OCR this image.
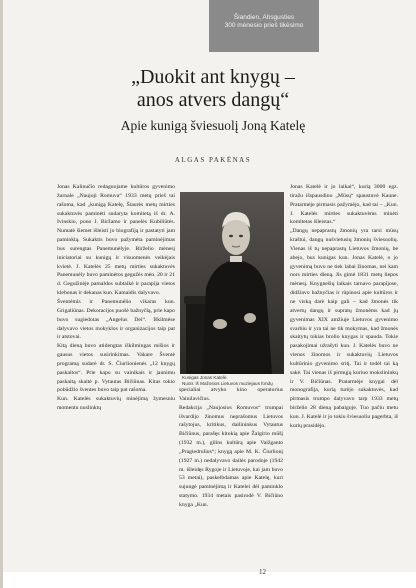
Šiandien, Ahsgusties
300 mėnesio prieš tikėsimo
„Duokit ant knygų –
anos atvers dangų“
Apie kunigą šviesuolį Joną Katelę
ALGAS PAKĖNAS

Jonas Kalinučio redaguojame kultūros gyvenimo žurnale „Naujoji Romuva“ 1933 metų prieš tai rašoma, kad „kunigą Katelę, Šiaurės metų mirties sukaktuvės paminėti sudaryta komitetą iš dr. A. Ivinskio, pono J. Biržamo ir panelės Kubiliūtės. Numatė šiemet išleisti jo biografiją ir pastatyti jam paminklą. Sukaktis buvo pažymėta paminėjimas bus surengtas Panemunėlyje. Birželio mėnesį iniciatoriai su kunigų ir visuomenės veikėjais kvietė. J. Katelės 25 metų mirties sukaktuvės Panemunėly buvo paminėtos gegužės mėn. 20 ir 21 d. Gegužinėje pamaldos subtaikė ir parapija vietos klebonas ir dekanas kun. Kamaidis dalyvavo.

Šventėmis ir Panemunėlio vikaras kun. Grigaliūnas. Dekoracijos puošė bažnyčią, prie kapo buvo sugiedotas „Angelus Dei“. Iškilmėse dalyvavo vietos mokyklos ir organizacijos taip pat ir atstovai.

Kitą dieną buvo atidengtas iškilmingas mišios ir gausus vietos susirinkimas. Vakare Šventė programą sudarė dr. S. Čiurlionienės „12 knygų paskaitos“. Prie kapo su vainikais ir jaunimu paskaitą skaitė p. Vytautas Bičiūnas. Kitas tokio pobūdžio šventes buvo taip pat rašoma.

Kun. Katelės sukaktuvių minėjimą žymesniu momentu nuslinktų

Kunigas Jonas Katelė.
Nuotr. iš Mažosios Lietuvos muziejaus fondų

specialiai atvyko kino operatorius Vainilavičius.

Redakcija „Naujosios Romuvos“ trumpai išvardijo žinomus neprašomus Lietuvos rašytojus, kritikus, dailininkus Vytautus Bičiūnus, parašęs kitokią apie Žalgirio mūšį (1932 m.), gilins kultūrą apie Vaižganto „Pragiedrulius“; knygą apie M. K. Čiurlionį (1927 m.) nedalyvavo dailės parodoje (1942 m. išleidęs Rygoje ir Lietuvoje, kai jam buvo 53 metai), paskelbdamas apie Katelę, kuri sujungė paminėjimą ir Katelei dėl paminklo statymo. 1934 metais pasirodė V. Bičiūno knyga „Kun.

Jonas Katelė ir jo laikai“, kurią 3000 egz. tiražu išspausdino „Mūsų“ spaustuvė Kaune. Pratarmėje pirmasis pažymėjo, kad tai – „Kun. J. Katelės mirties sukaktuvėms minėti komitetas išleistas.“

„Dangų nepaprastų žmonių yra tarsi mūsų kraštui, dangų nušvietusių žmonių šviesuolių. Vienas iš tų nepaprastų Lietuvos žmonių, be abejo, bus kunigas kun. Jonas Katelė, o jo gyvenimą buvo ne tiek labai žinomas, nei kam nors mirties dieną. Jis gimė 1831 metų liepos mėnesį. Knygnešių laikais tarnavo parapijose, didžiavo bažnyčias ir rūpinosi apie kultūros ir ne viską darė kaip gali – kad žmonės tik atvertų dangų ir supratų žmonėms kad jų gyvenimas XIX amžiuje Lietuvos gyvenimo svarbiu ir yra tai ne tik mokymas, kad žmonės skaitytų tokias brolio knygas ir spauda. Tokie pasakojimai užrašyti kun. J. Katelės buvo ne vienos žinomos ir sukaktuvių Lietuvos kultūrinio gyvenimo sritį. Tai ir todėl tai ką sakė. Tai vienas iš pirmųjų kuriuo mokslininkų ir V. Bičiūnas. Pratarmėje knygai dėl monografija, kurią turėjo sukaktuvės, kad pirmasis trumpo dalyvavo tarp 1933 metų birželio 28 dieną pabaigoje. Tuo pačiu metu kun. J. Katelė ir jo tokiu šviesuoliu pagerbta, iš kurių prasidėjo.

12
